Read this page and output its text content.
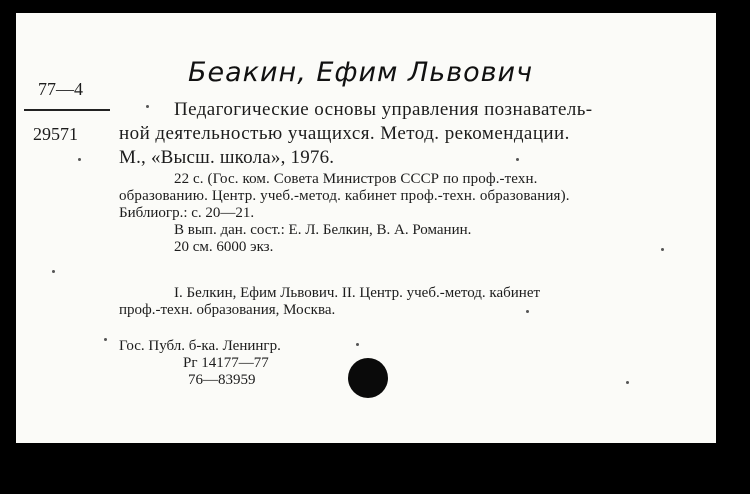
Беакин, Ефим Львович
77—4
29571
Педагогические основы управления познаватель-
ной деятельностью учащихся. Метод. рекомендации.
М., «Высш. школа», 1976.
22 с. (Гос. ком. Совета Министров СССР по проф.-техн.
образованию. Центр. учеб.-метод. кабинет проф.-техн. образования).
Библиогр.: с. 20—21.
В вып. дан. сост.: Е. Л. Белкин, В. А. Романин.
20 см. 6000 экз.
I. Белкин, Ефим Львович. II. Центр. учеб.-метод. кабинет
проф.-техн. образования, Москва.
Гос. Публ. б-ка. Ленингр.
Рг 14177—77
76—83959
